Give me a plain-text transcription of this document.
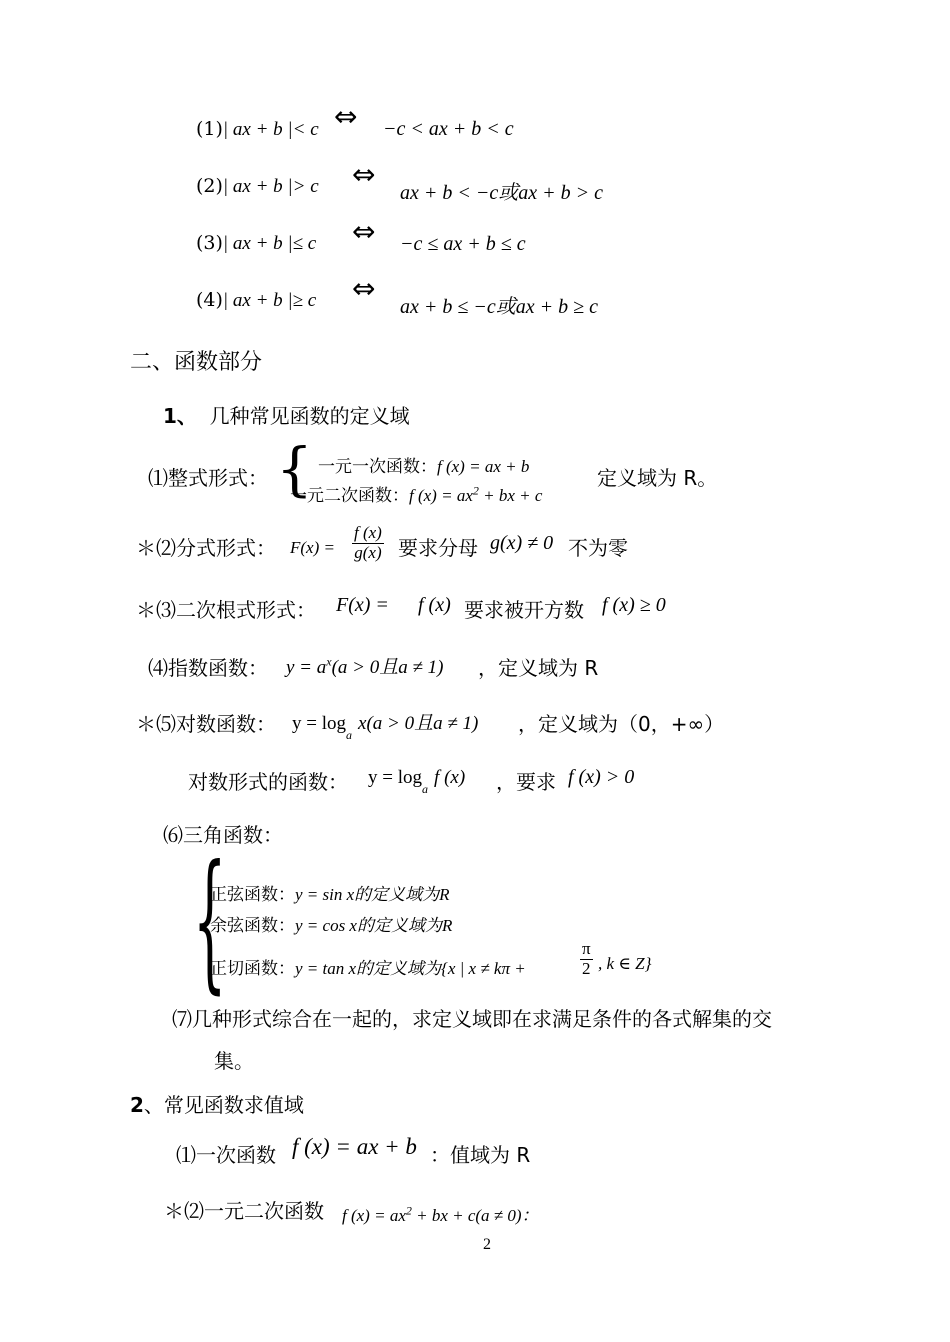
(1)| ax + b |< c ⇔ −c < ax + b < c
(2)| ax + b |> c ⇔
ax + b < −c或ax + b > c
(3)| ax + b |≤ c ⇔ −c ≤ ax + b ≤ c
(4)| ax + b |≥ c ⇔
ax + b ≤ −c或ax + b ≥ c
二、函数部分
1、 几种常见函数的定义域
⑴整式形式： { 一元一次函数：f (x) = ax + b
一元二次函数：f $(x) = ax^2$ + bx + c
定义域为 R。
＊⑵分式形式： $F(x) = \frac{f (x)}{g(x)}$ 要求分母 g(x) ≠ 0 不为零
＊⑶二次根式形式： F(x) = f (x) 要求被开方数 f (x) ≥ 0
⑷指数函数： $y = a^x(a > 0$且a ≠ 1) ，定义域为 R
＊⑸对数函数： $y = \log_a x(a > 0$且a ≠ 1) ，定义域为（0，+∞）
对数形式的函数： $y = \log_a f$ (x) ，要求 f (x) > 0
⑹三角函数：
{
正弦函数：y = sin x的定义域为R
余弦函数：y = cos x的定义域为R
正切函数：y = tan x的定义域为{x | x ≠ kπ +	$\frac{\pi}{2}$ , k ∈ Z}
⑺几种形式综合在一起的，求定义域即在求满足条件的各式解集的交
集。
2、常见函数求值域
⑴一次函数 f (x) = ax + b ：值域为 R
＊⑵一元二次函数 f $(x) = ax^2$ + bx + c(a ≠ 0)：
2
